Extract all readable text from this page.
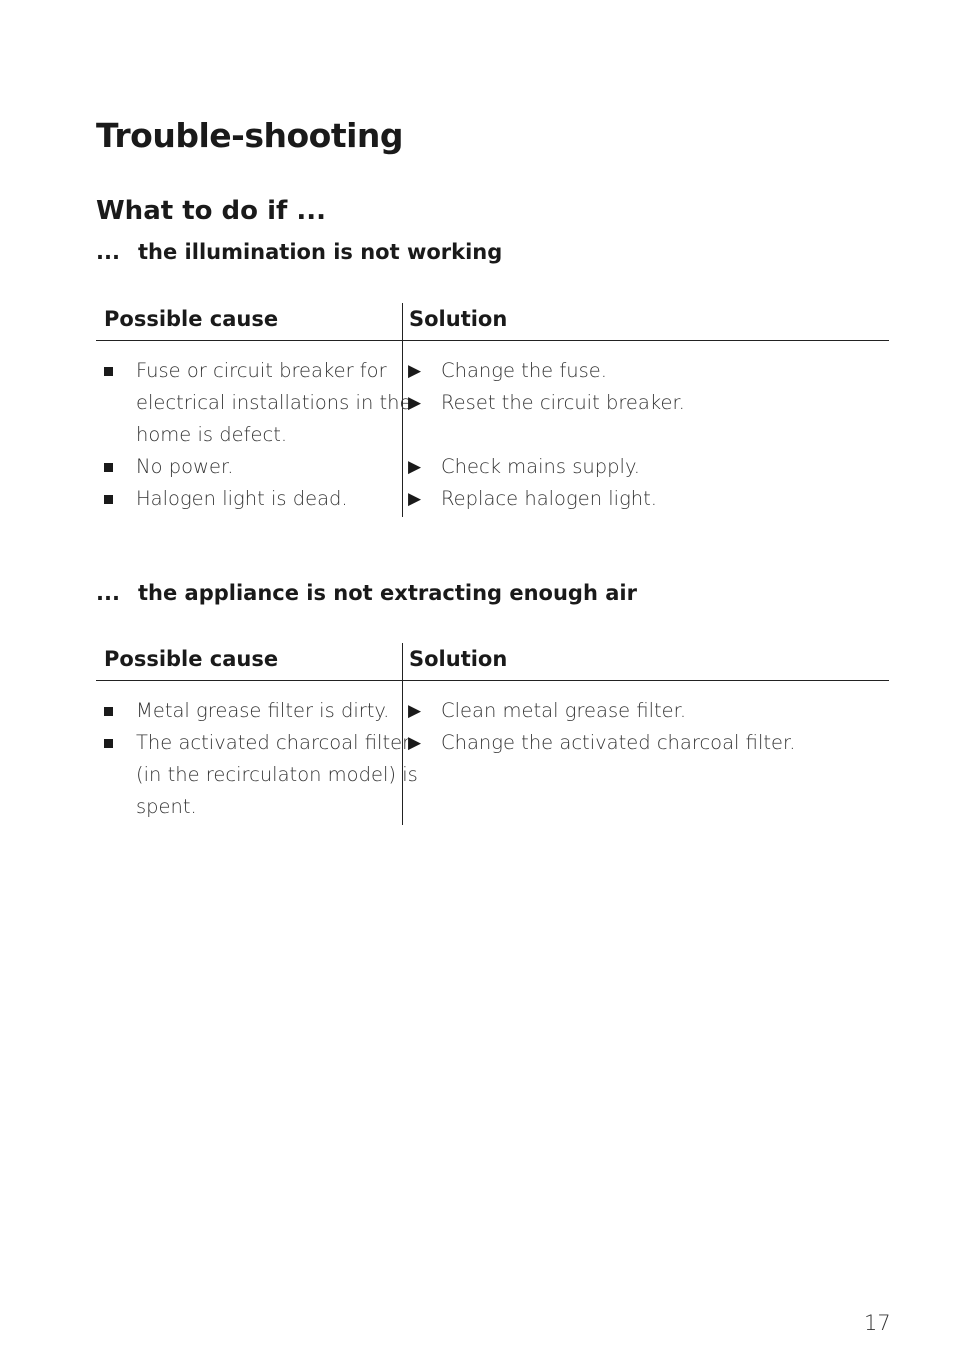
Trouble-shooting
What to do if ...
... the illumination is not working
Possible cause	Solution
Fuse or circuit breaker for
electrical installations in the
home is defect.
No power.
Halogen light is dead.
▶ Change the fuse.
▶ Reset the circuit breaker.
▶ Check mains supply.
▶ Replace halogen light.
... the appliance is not extracting enough air
Possible cause	Solution
Metal grease filter is dirty.
The activated charcoal filter
(in the recirculaton model) is
spent.
▶ Clean metal grease filter.
▶ Change the activated charcoal filter.
17
